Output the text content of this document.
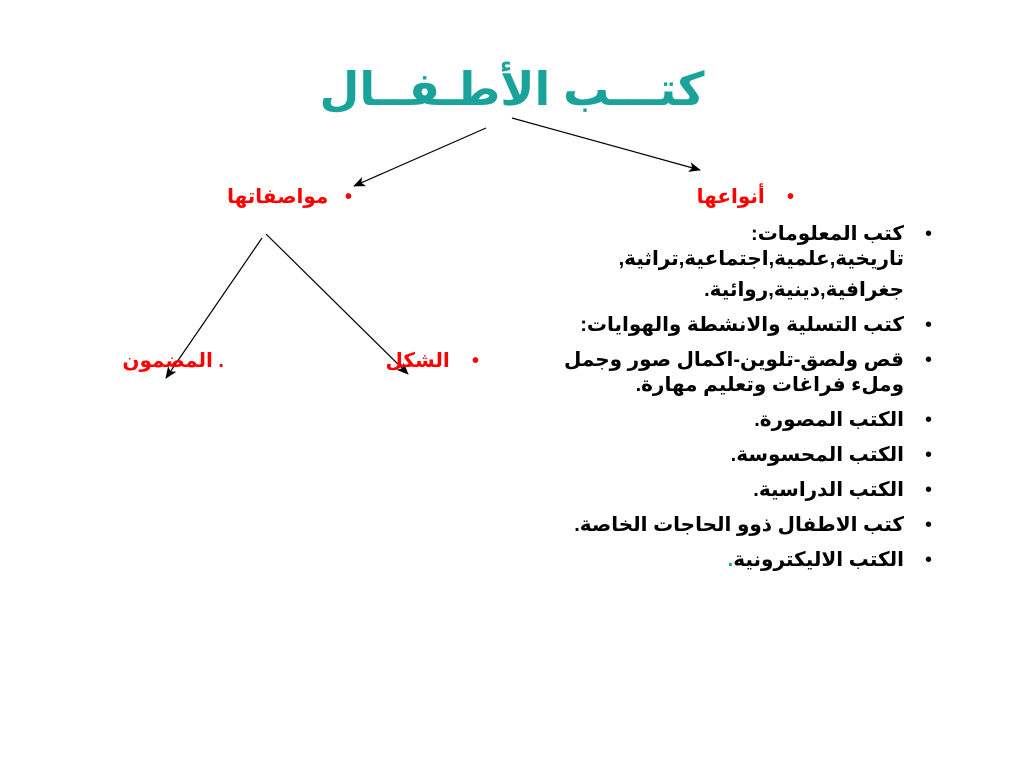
كتـــب الأطـفــال
•    أنواعها
•   مواصفاتها
•    الشكل
. المضمون
• كتب المعلومات: تاريخية,علمية,اجتماعية,تراثية,
جغرافية,دينية,روائية.
• كتب التسلية والانشطة والهوايات:
• قص ولصق-تلوين-اكمال صور وجمل وملء فراغات وتعليم مهارة.
• الكتب المصورة.
• الكتب المحسوسة.
• الكتب الدراسية.
• كتب الاطفال ذوو الحاجات الخاصة.
• الكتب الاليكترونية.
